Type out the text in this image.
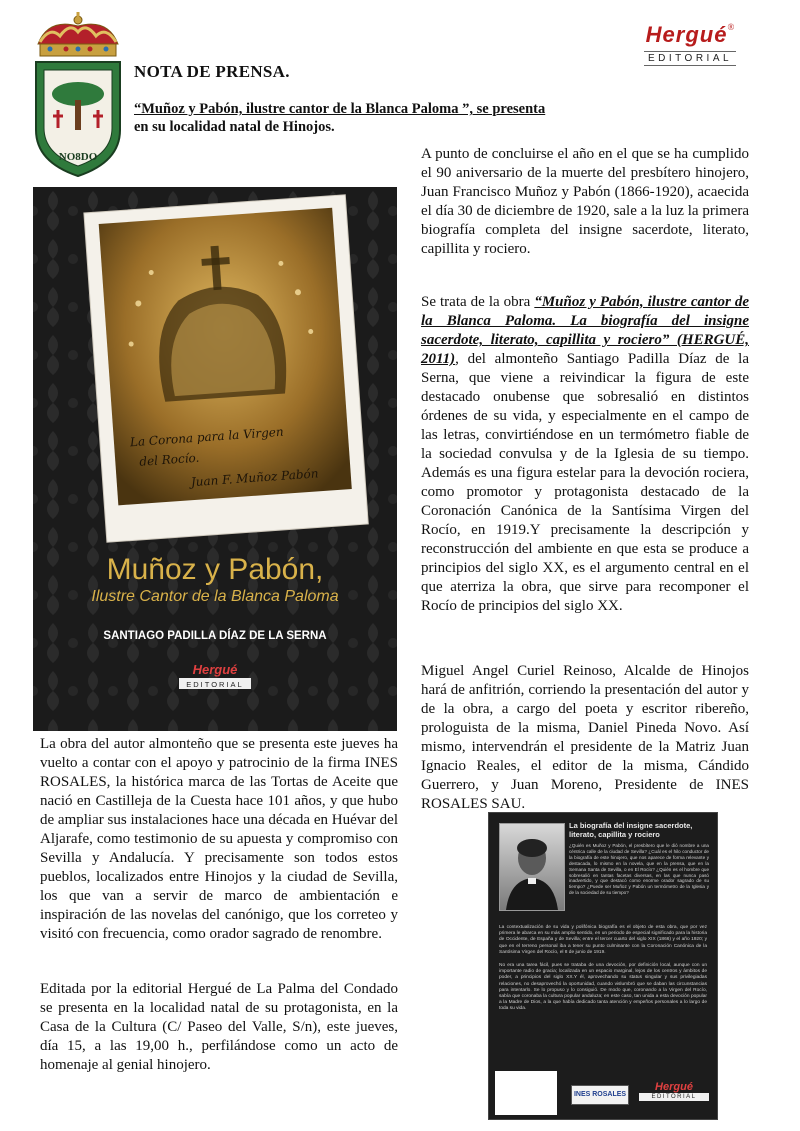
NO8DO
NOTA DE PRENSA.
“Muñoz y Pabón, ilustre cantor de la Blanca Paloma ”, se presenta
en su localidad natal de Hinojos.
Hergué®
EDITORIAL
La Corona para la Virgen
del Rocío.
Juan F. Muñoz Pabón
Muñoz y Pabón,
Ilustre Cantor de la Blanca Paloma
SANTIAGO PADILLA DÍAZ DE LA SERNA
Hergué
EDITORIAL

A punto de concluirse el año en el que se ha cumplido el 90 aniversario de la muerte del presbítero hinojero, Juan Francisco Muñoz y Pabón (1866-1920), acaecida el día 30 de diciembre de 1920, sale a la luz la primera biografía completa del insigne sacerdote, literato, capillita y rociero.

Se trata de la obra “Muñoz y Pabón, ilustre cantor de la Blanca Paloma. La biografía del insigne sacerdote, literato, capillita y rociero” (HERGUÉ, 2011), del almonteño Santiago Padilla Díaz de la Serna, que viene a reivindicar la figura de este destacado onubense que sobresalió en distintos órdenes de su vida, y especialmente en el campo de las letras, convirtiéndose en un termómetro fiable de la sociedad convulsa y de la Iglesia de su tiempo. Además es una figura estelar para la devoción rociera, como promotor y protagonista destacado de la Coronación Canónica de la Santísima Virgen del Rocío, en 1919.Y precisamente la descripción y reconstrucción del ambiente en que esta se produce a principios del siglo XX, es el argumento central en el que aterriza la obra, que sirve para recomponer el Rocío de principios del siglo XX.

Miguel Angel Curiel Reinoso, Alcalde de Hinojos hará de anfitrión, corriendo la presentación del autor y de la obra, a cargo del poeta y escritor ribereño, prologuista de la misma, Daniel Pineda Novo. Así mismo, intervendrán el presidente de la Matriz Juan Ignacio Reales, el editor de la misma, Cándido Guerrero, y Juan Moreno, Presidente de INES ROSALES SAU.

La obra del autor almonteño que se presenta este jueves ha vuelto a contar con el apoyo y patrocinio de la firma INES ROSALES, la histórica marca de las Tortas de Aceite que nació en Castilleja de la Cuesta hace 101 años, y que hubo de ampliar sus instalaciones hace una década en Huévar del Aljarafe, como testimonio de su apuesta y compromiso con Sevilla y Andalucía. Y precisamente son todos estos pueblos, localizados entre Hinojos y la ciudad de Sevilla, los que van a servir de marco de ambientación e inspiración de las novelas del canónigo, que los correteo y visitó con frecuencia, como orador sagrado de renombre.

Editada por la editorial Hergué de La Palma del Condado se presenta en la localidad natal de su protagonista, en la Casa de la Cultura (C/ Paseo del Valle, S/n), este jueves, día 15, a las 19,00 h., perfilándose como un acto de homenaje al genial hinojero.

La biografía del insigne sacerdote, literato, capillita y rociero
¿Quién es Muñoz y Pabón, el presbítero que le dió nombre a una céntrica calle de la ciudad de Sevilla? ¿Cuál es el hilo conductor de la biografía de este hinojero, que nos aparece de forma relevante y destacada, lo mismo en la novela, que en la prensa, que en la Semana Santa de Sevilla, o en El Rocío? ¿Quién es el hombre que sobresalió en tantas facetas diversas, en las que nunca pasó inadvertido, y que destacó como enorme orador sagrado de su tiempo? ¿Puede ser Muñoz y Pabón un termómetro de la Iglesia y de la sociedad de su tiempo?
La contextualización de su vida y polifónica biografía es el objeto de esta obra, que por vez primera le abarca en su más amplio sentido, en un periodo de especial significado para la historia de Occidente, de España y de Sevilla; entre el tercer cuarto del siglo XIX (1866) y el año 1920; y que en el terreno personal iba a tener su punto culminante con la Coronación Canónica de la Santísima Virgen del Rocío, el 8 de junio de 1919.
No era una tarea fácil, pues se trataba de una devoción, por definición local, aunque con un importante radio de gracia; localizada en un espacio marginal, lejos de los centros y ámbitos de poder, a principios del siglo XX.Y él, aprovechando su status singular y sus privilegiadas relaciones, no desaprovechó la oportunidad, cuando vislumbró que se daban las circunstancias para intentarlo. Se lo propuso y lo consiguió. De modo que, coronando a la Virgen del Rocío, sabía que coronaba la cultura popular andaluza; en este caso, tan unida a esta devoción popular a la Madre de Dios, a la que había dedicado tanta atención y empeños personales a lo largo de toda su vida.
INES ROSALES
Hergué
EDITORIAL
